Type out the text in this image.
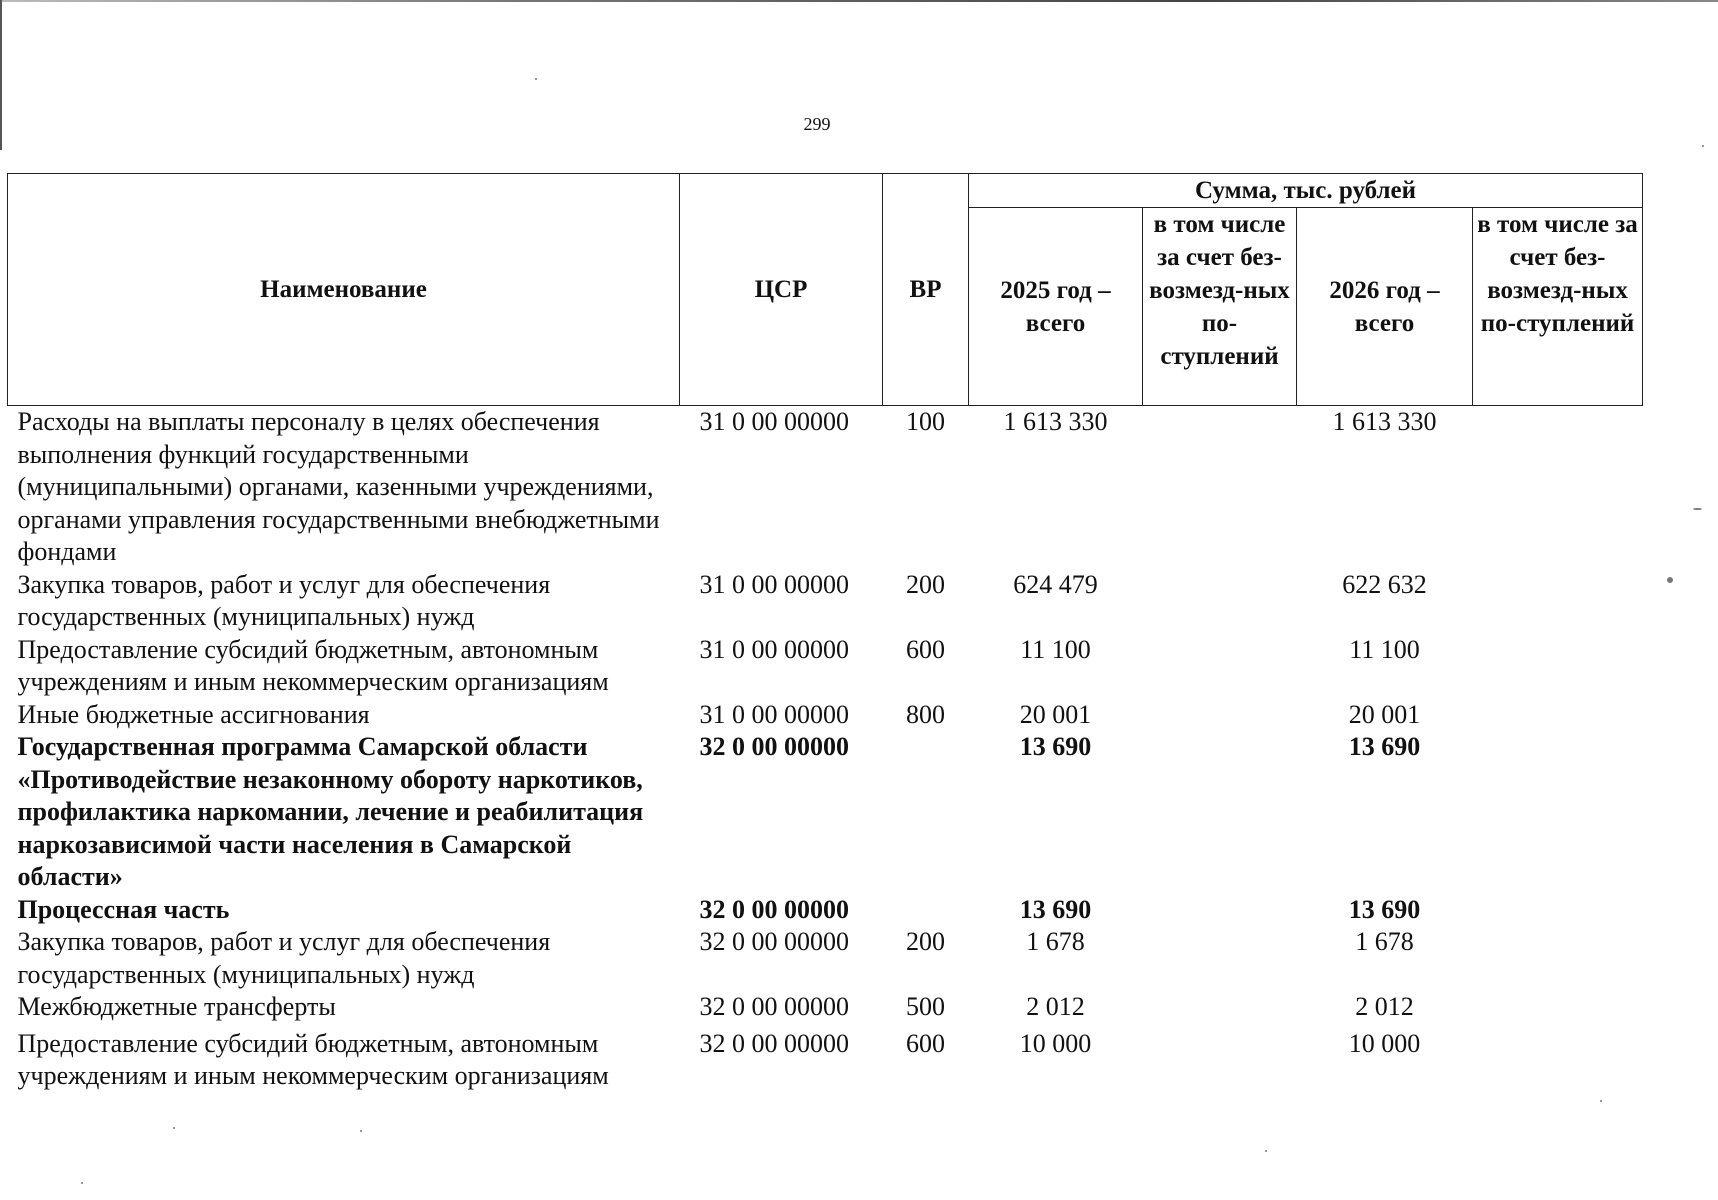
299
Наименование	ЦСР	ВР	Сумма, тыс. рублей			
			2025 год – всего	в том числе за счет без-возмезд-ных по-ступлений	2026 год – всего	в том числе за счет без-возмезд-ных по-ступлений
Расходы на выплаты персоналу в целях обеспечения выполнения функций государственными (муниципальными) органами, казенными учреждениями, органами управления государственными внебюджетными фондами	31 0 00 00000	100	1 613 330		1 613 330	
Закупка товаров, работ и услуг для обеспечения государственных (муниципальных) нужд	31 0 00 00000	200	624 479		622 632	
Предоставление субсидий бюджетным, автономным учреждениям и иным некоммерческим организациям	31 0 00 00000	600	11 100		11 100	
Иные бюджетные ассигнования	31 0 00 00000	800	20 001		20 001	
Государственная программа Самарской области «Противодействие незаконному обороту наркотиков, профилактика наркомании, лечение и реабилитация наркозависимой части населения в Самарской области»	32 0 00 00000		13 690		13 690	
Процессная часть	32 0 00 00000		13 690		13 690	
Закупка товаров, работ и услуг для обеспечения государственных (муниципальных) нужд	32 0 00 00000	200	1 678		1 678	
Межбюджетные трансферты	32 0 00 00000	500	2 012		2 012	
Предоставление субсидий бюджетным, автономным учреждениям и иным некоммерческим организациям	32 0 00 00000	600	10 000		10 000	
